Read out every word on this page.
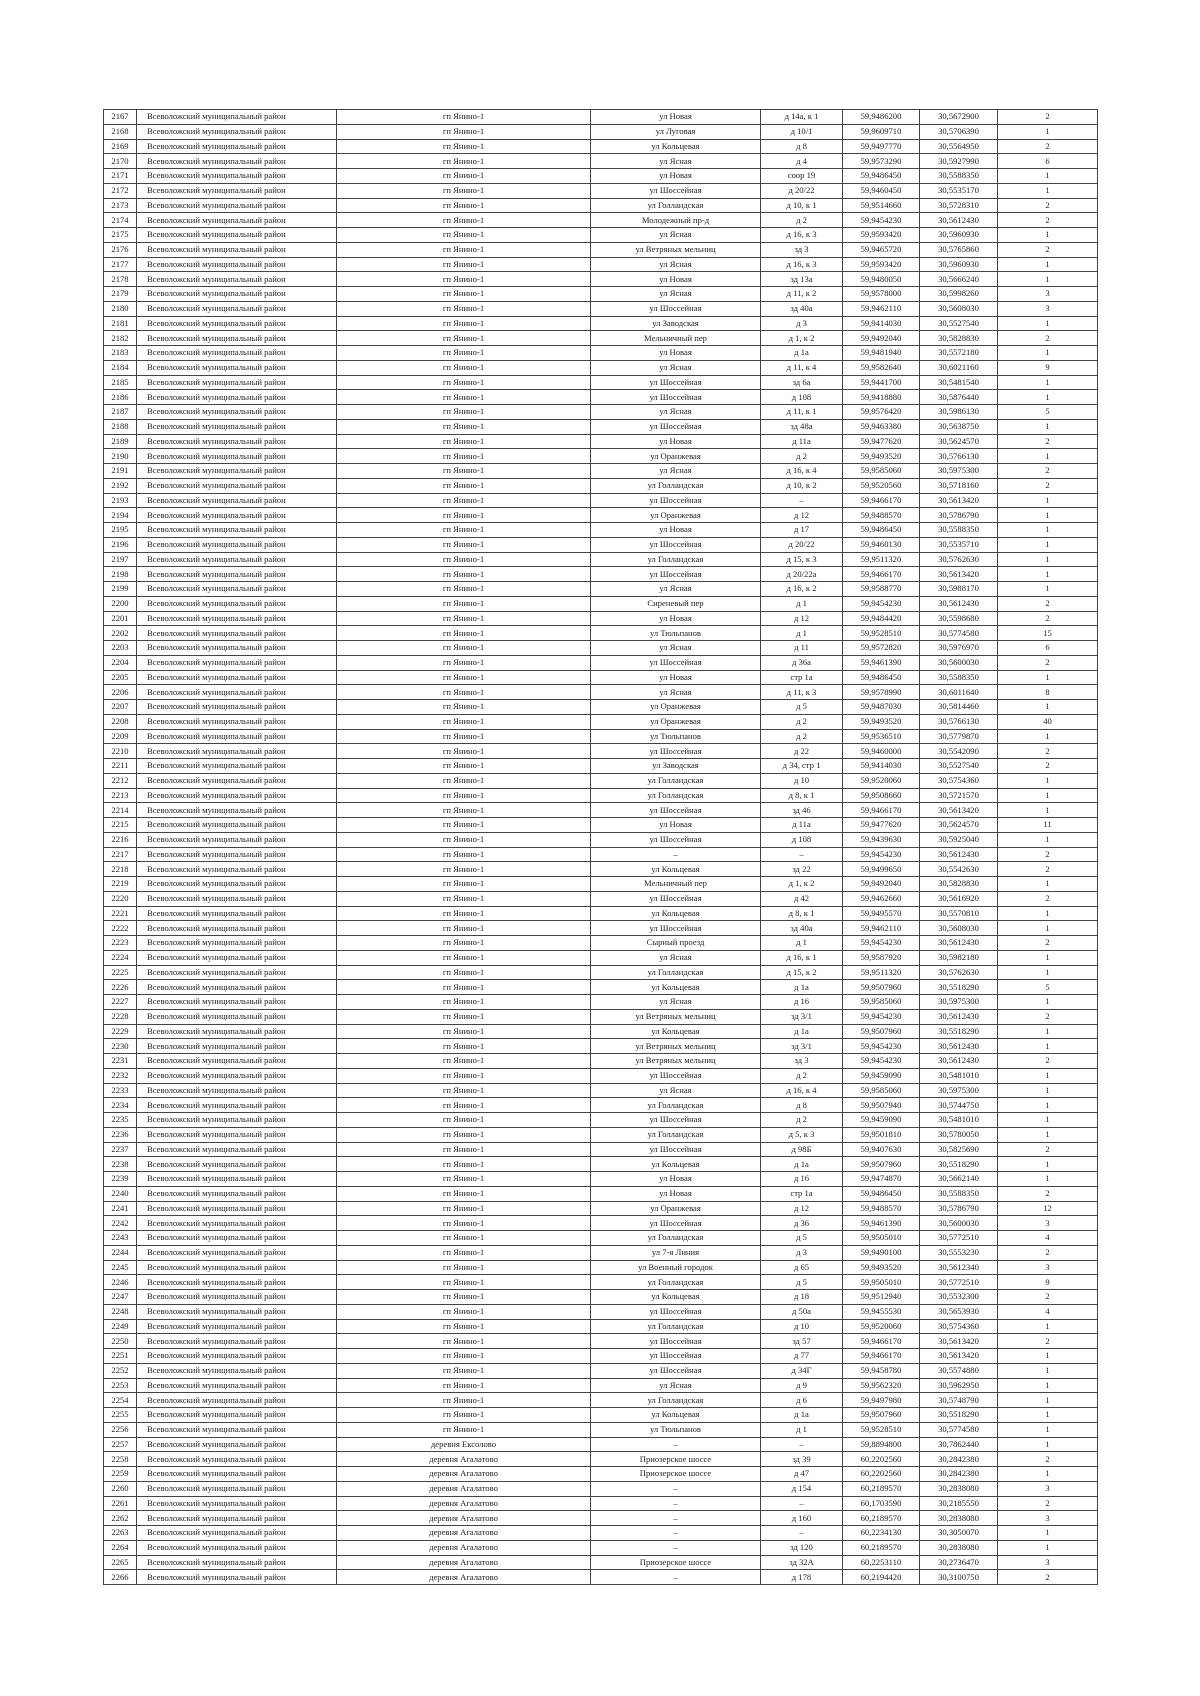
2167	Всеволожский муниципальный район	гп Янино-1	ул Новая	д 14а, к 1	59,9486200	30,5672900	2
2168	Всеволожский муниципальный район	гп Янино-1	ул Луговая	д 10/1	59,9609710	30,5706390	1
2169	Всеволожский муниципальный район	гп Янино-1	ул Кольцевая	д 8	59,9497770	30,5564950	2
2170	Всеволожский муниципальный район	гп Янино-1	ул Ясная	д 4	59,9573290	30,5927990	6
2171	Всеволожский муниципальный район	гп Янино-1	ул Новая	соор 19	59,9486450	30,5588350	1
2172	Всеволожский муниципальный район	гп Янино-1	ул Шоссейная	д 20/22	59,9460450	30,5535170	1
2173	Всеволожский муниципальный район	гп Янино-1	ул Голландская	д 10, к 1	59,9514660	30,5728310	2
2174	Всеволожский муниципальный район	гп Янино-1	Молодежный пр-д	д 2	59,9454230	30,5612430	2
2175	Всеволожский муниципальный район	гп Янино-1	ул Ясная	д 16, к 3	59,9593420	30,5960930	1
2176	Всеволожский муниципальный район	гп Янино-1	ул Ветряных мельниц	зд 3	59,9465720	30,5765860	2
2177	Всеволожский муниципальный район	гп Янино-1	ул Ясная	д 16, к 3	59,9593420	30,5960930	1
2178	Всеволожский муниципальный район	гп Янино-1	ул Новая	зд 13а	59,9480050	30,5666240	1
2179	Всеволожский муниципальный район	гп Янино-1	ул Ясная	д 11, к 2	59,9578000	30,5998260	3
2180	Всеволожский муниципальный район	гп Янино-1	ул Шоссейная	зд 40а	59,9462110	30,5608030	3
2181	Всеволожский муниципальный район	гп Янино-1	ул Заводская	д 3	59,9414030	30,5527540	1
2182	Всеволожский муниципальный район	гп Янино-1	Мельничный пер	д 1, к 2	59,9492040	30,5828830	2
2183	Всеволожский муниципальный район	гп Янино-1	ул Новая	д 1а	59,9481940	30,5572180	1
2184	Всеволожский муниципальный район	гп Янино-1	ул Ясная	д 11, к 4	59,9582640	30,6021160	9
2185	Всеволожский муниципальный район	гп Янино-1	ул Шоссейная	зд 6а	59,9441700	30,5481540	1
2186	Всеволожский муниципальный район	гп Янино-1	ул Шоссейная	д 108	59,9418880	30,5876440	1
2187	Всеволожский муниципальный район	гп Янино-1	ул Ясная	д 11, к 1	59,9576420	30,5986130	5
2188	Всеволожский муниципальный район	гп Янино-1	ул Шоссейная	зд 48а	59,9463380	30,5638750	1
2189	Всеволожский муниципальный район	гп Янино-1	ул Новая	д 11а	59,9477620	30,5624570	2
2190	Всеволожский муниципальный район	гп Янино-1	ул Оранжевая	д 2	59,9493520	30,5766130	1
2191	Всеволожский муниципальный район	гп Янино-1	ул Ясная	д 16, к 4	59,9585060	30,5975300	2
2192	Всеволожский муниципальный район	гп Янино-1	ул Голландская	д 10, к 2	59,9520560	30,5718160	2
2193	Всеволожский муниципальный район	гп Янино-1	ул Шоссейная	–	59,9466170	30,5613420	1
2194	Всеволожский муниципальный район	гп Янино-1	ул Оранжевая	д 12	59,9488570	30,5786790	1
2195	Всеволожский муниципальный район	гп Янино-1	ул Новая	д 17	59,9486450	30,5588350	1
2196	Всеволожский муниципальный район	гп Янино-1	ул Шоссейная	д 20/22	59,9460130	30,5535710	1
2197	Всеволожский муниципальный район	гп Янино-1	ул Голландская	д 15, к 3	59,9511320	30,5762630	1
2198	Всеволожский муниципальный район	гп Янино-1	ул Шоссейная	д 20/22а	59,9466170	30,5613420	1
2199	Всеволожский муниципальный район	гп Янино-1	ул Ясная	д 16, к 2	59,9588770	30,5988170	1
2200	Всеволожский муниципальный район	гп Янино-1	Сиреневый пер	д 1	59,9454230	30,5612430	2
2201	Всеволожский муниципальный район	гп Янино-1	ул Новая	д 12	59,9484420	30,5598680	2
2202	Всеволожский муниципальный район	гп Янино-1	ул Тюльпанов	д 1	59,9528510	30,5774580	15
2203	Всеволожский муниципальный район	гп Янино-1	ул Ясная	д 11	59,9572820	30,5976970	6
2204	Всеволожский муниципальный район	гп Янино-1	ул Шоссейная	д 36а	59,9461390	30,5600030	2
2205	Всеволожский муниципальный район	гп Янино-1	ул Новая	стр 1а	59,9486450	30,5588350	1
2206	Всеволожский муниципальный район	гп Янино-1	ул Ясная	д 11, к 3	59,9578990	30,6011640	8
2207	Всеволожский муниципальный район	гп Янино-1	ул Оранжевая	д 5	59,9487030	30,5814460	1
2208	Всеволожский муниципальный район	гп Янино-1	ул Оранжевая	д 2	59,9493520	30,5766130	40
2209	Всеволожский муниципальный район	гп Янино-1	ул Тюльпанов	д 2	59,9536510	30,5779870	1
2210	Всеволожский муниципальный район	гп Янино-1	ул Шоссейная	д 22	59,9460000	30,5542090	2
2211	Всеволожский муниципальный район	гп Янино-1	ул Заводская	д 34, стр 1	59,9414030	30,5527540	2
2212	Всеволожский муниципальный район	гп Янино-1	ул Голландская	д 10	59,9520060	30,5754360	1
2213	Всеволожский муниципальный район	гп Янино-1	ул Голландская	д 8, к 1	59,9508660	30,5721570	1
2214	Всеволожский муниципальный район	гп Янино-1	ул Шоссейная	зд 46	59,9466170	30,5613420	1
2215	Всеволожский муниципальный район	гп Янино-1	ул Новая	д 11а	59,9477620	30,5624570	11
2216	Всеволожский муниципальный район	гп Янино-1	ул Шоссейная	д 108	59,9439630	30,5925040	1
2217	Всеволожский муниципальный район	гп Янино-1	–	–	59,9454230	30,5612430	2
2218	Всеволожский муниципальный район	гп Янино-1	ул Кольцевая	зд 22	59,9499650	30,5542630	2
2219	Всеволожский муниципальный район	гп Янино-1	Мельничный пер	д 1, к 2	59,9492040	30,5828830	1
2220	Всеволожский муниципальный район	гп Янино-1	ул Шоссейная	д 42	59,9462660	30,5616920	2
2221	Всеволожский муниципальный район	гп Янино-1	ул Кольцевая	д 8, к 1	59,9495570	30,5570810	1
2222	Всеволожский муниципальный район	гп Янино-1	ул Шоссейная	зд 40а	59,9462110	30,5608030	1
2223	Всеволожский муниципальный район	гп Янино-1	Сырный проезд	д 1	59,9454230	30,5612430	2
2224	Всеволожский муниципальный район	гп Янино-1	ул Ясная	д 16, к 1	59,9587920	30,5982180	1
2225	Всеволожский муниципальный район	гп Янино-1	ул Голландская	д 15, к 2	59,9511320	30,5762630	1
2226	Всеволожский муниципальный район	гп Янино-1	ул Кольцевая	д 1а	59,9507960	30,5518290	5
2227	Всеволожский муниципальный район	гп Янино-1	ул Ясная	д 16	59,9585060	30,5975300	1
2228	Всеволожский муниципальный район	гп Янино-1	ул Ветряных мельниц	зд 3/1	59,9454230	30,5612430	2
2229	Всеволожский муниципальный район	гп Янино-1	ул Кольцевая	д 1а	59,9507960	30,5518290	1
2230	Всеволожский муниципальный район	гп Янино-1	ул Ветряных мельниц	зд 3/1	59,9454230	30,5612430	1
2231	Всеволожский муниципальный район	гп Янино-1	ул Ветряных мельниц	зд 3	59,9454230	30,5612430	2
2232	Всеволожский муниципальный район	гп Янино-1	ул Шоссейная	д 2	59,9459090	30,5481010	1
2233	Всеволожский муниципальный район	гп Янино-1	ул Ясная	д 16, к 4	59,9585060	30,5975300	1
2234	Всеволожский муниципальный район	гп Янино-1	ул Голландская	д 8	59,9507940	30,5744750	1
2235	Всеволожский муниципальный район	гп Янино-1	ул Шоссейная	д 2	59,9459090	30,5481010	1
2236	Всеволожский муниципальный район	гп Янино-1	ул Голландская	д 5, к 3	59,9501810	30,5780050	1
2237	Всеволожский муниципальный район	гп Янино-1	ул Шоссейная	д 98Б	59,9407630	30,5825690	2
2238	Всеволожский муниципальный район	гп Янино-1	ул Кольцевая	д 1а	59,9507960	30,5518290	1
2239	Всеволожский муниципальный район	гп Янино-1	ул Новая	д 16	59,9474870	30,5662140	1
2240	Всеволожский муниципальный район	гп Янино-1	ул Новая	стр 1а	59,9486450	30,5588350	2
2241	Всеволожский муниципальный район	гп Янино-1	ул Оранжевая	д 12	59,9488570	30,5786790	12
2242	Всеволожский муниципальный район	гп Янино-1	ул Шоссейная	д 36	59,9461390	30,5600030	3
2243	Всеволожский муниципальный район	гп Янино-1	ул Голландская	д 5	59,9505010	30,5772510	4
2244	Всеволожский муниципальный район	гп Янино-1	ул 7-я Линия	д 3	59,9490100	30,5553230	2
2245	Всеволожский муниципальный район	гп Янино-1	ул Военный городок	д 65	59,9493520	30,5612340	3
2246	Всеволожский муниципальный район	гп Янино-1	ул Голландская	д 5	59,9505010	30,5772510	9
2247	Всеволожский муниципальный район	гп Янино-1	ул Кольцевая	д 18	59,9512940	30,5532300	2
2248	Всеволожский муниципальный район	гп Янино-1	ул Шоссейная	д 50а	59,9455530	30,5653930	4
2249	Всеволожский муниципальный район	гп Янино-1	ул Голландская	д 10	59,9520060	30,5754360	1
2250	Всеволожский муниципальный район	гп Янино-1	ул Шоссейная	зд 57	59,9466170	30,5613420	2
2251	Всеволожский муниципальный район	гп Янино-1	ул Шоссейная	д 77	59,9466170	30,5613420	1
2252	Всеволожский муниципальный район	гп Янино-1	ул Шоссейная	д 34Г	59,9458780	30,5574880	1
2253	Всеволожский муниципальный район	гп Янино-1	ул Ясная	д 9	59,9562320	30,5962950	1
2254	Всеволожский муниципальный район	гп Янино-1	ул Голландская	д 6	59,9497980	30,5748790	1
2255	Всеволожский муниципальный район	гп Янино-1	ул Кольцевая	д 1а	59,9507960	30,5518290	1
2256	Всеволожский муниципальный район	гп Янино-1	ул Тюльпанов	д 1	59,9528510	30,5774580	1
2257	Всеволожский муниципальный район	деревня Ексолово	–	–	59,8894800	30,7862440	1
2258	Всеволожский муниципальный район	деревня Агалатово	Приозерское шоссе	зд 39	60,2202560	30,2842380	2
2259	Всеволожский муниципальный район	деревня Агалатово	Приозерское шоссе	д 47	60,2202560	30,2842380	1
2260	Всеволожский муниципальный район	деревня Агалатово	–	д 154	60,2189570	30,2838080	3
2261	Всеволожский муниципальный район	деревня Агалатово	–	–	60,1703590	30,2185550	2
2262	Всеволожский муниципальный район	деревня Агалатово	–	д 160	60,2189570	30,2838080	3
2263	Всеволожский муниципальный район	деревня Агалатово	–	–	60,2234130	30,3050070	1
2264	Всеволожский муниципальный район	деревня Агалатово	–	зд 120	60,2189570	30,2838080	1
2265	Всеволожский муниципальный район	деревня Агалатово	Приозерское шоссе	зд 32А	60,2253110	30,2736470	3
2266	Всеволожский муниципальный район	деревня Агалатово	–	д 178	60,2194420	30,3100750	2
